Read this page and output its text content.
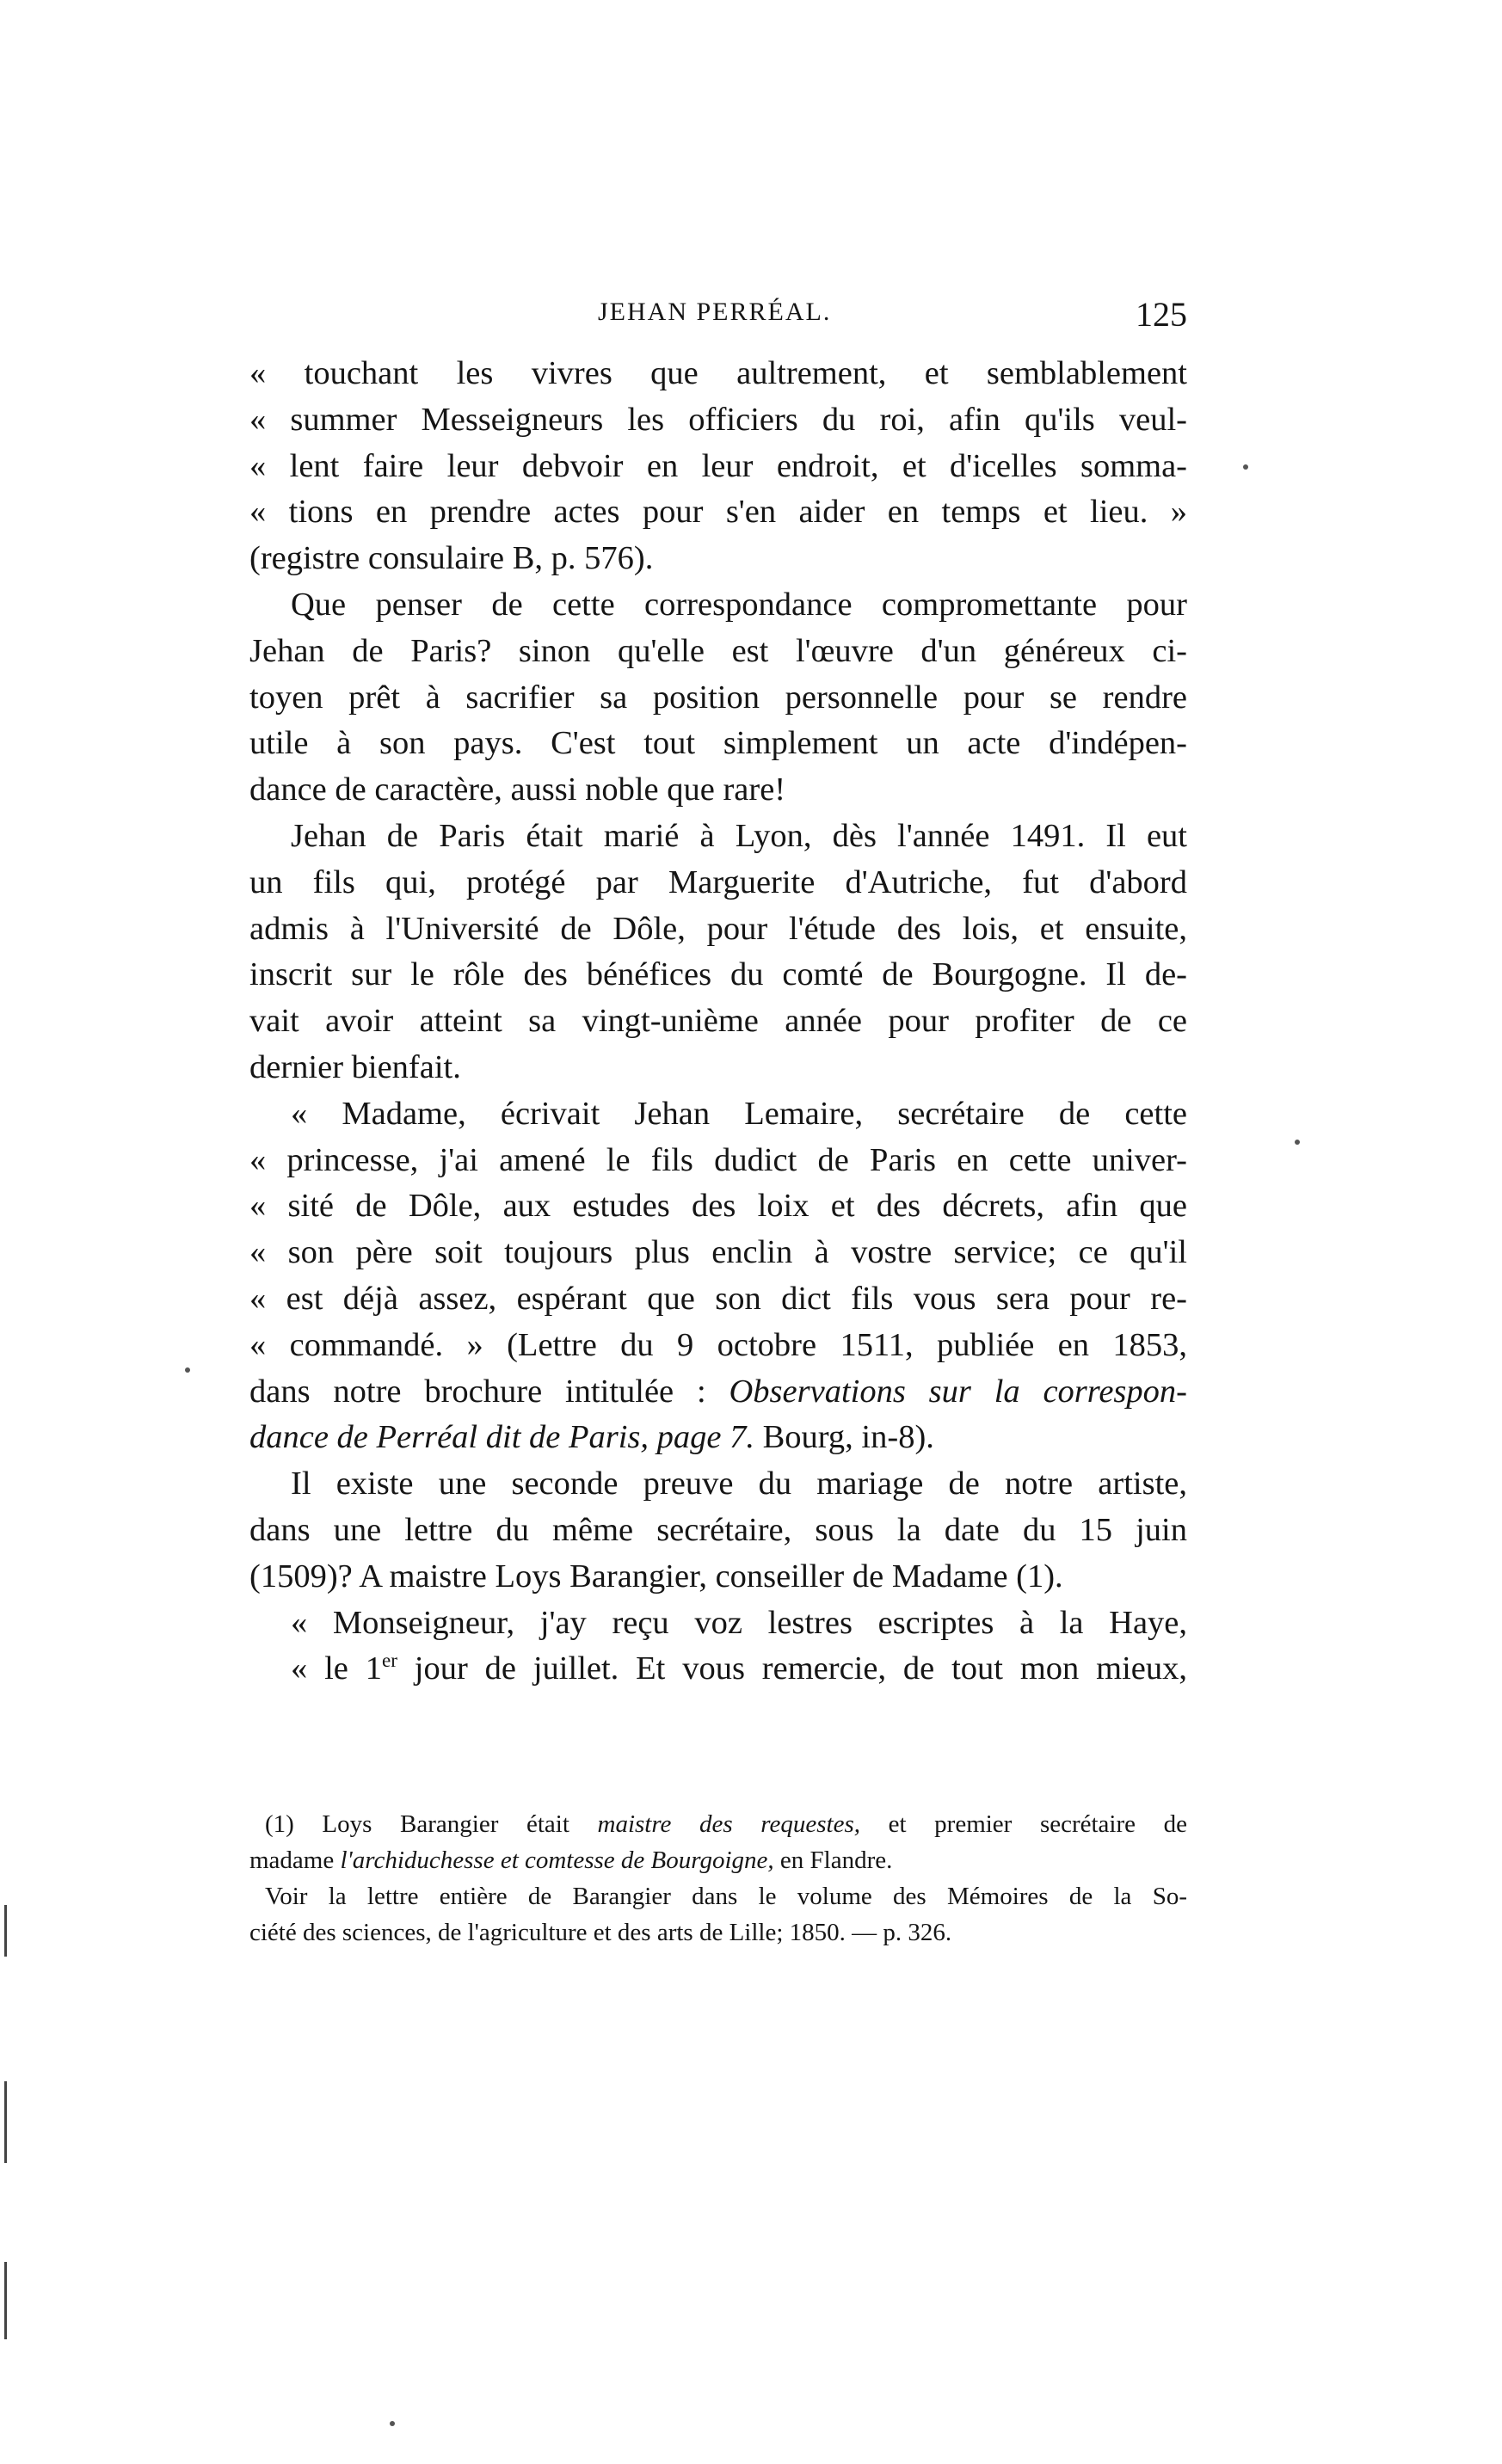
JEHAN PERRÉAL.	125
« touchant les vivres que aultrement, et semblablement
« summer Messeigneurs les officiers du roi, afin qu'ils veul-
« lent faire leur debvoir en leur endroit, et d'icelles somma-
« tions en prendre actes pour s'en aider en temps et lieu. »
(registre consulaire B, p. 576).
Que penser de cette correspondance compromettante pour
Jehan de Paris? sinon qu'elle est l'œuvre d'un généreux ci-
toyen prêt à sacrifier sa position personnelle pour se rendre
utile à son pays. C'est tout simplement un acte d'indépen-
dance de caractère, aussi noble que rare!
Jehan de Paris était marié à Lyon, dès l'année 1491. Il eut
un fils qui, protégé par Marguerite d'Autriche, fut d'abord
admis à l'Université de Dôle, pour l'étude des lois, et ensuite,
inscrit sur le rôle des bénéfices du comté de Bourgogne. Il de-
vait avoir atteint sa vingt-unième année pour profiter de ce
dernier bienfait.
« Madame, écrivait Jehan Lemaire, secrétaire de cette
« princesse, j'ai amené le fils dudict de Paris en cette univer-
« sité de Dôle, aux estudes des loix et des décrets, afin que
« son père soit toujours plus enclin à vostre service; ce qu'il
« est déjà assez, espérant que son dict fils vous sera pour re-
« commandé. » (Lettre du 9 octobre 1511, publiée en 1853,
dans notre brochure intitulée : Observations sur la correspon-
dance de Perréal dit de Paris, page 7. Bourg, in-8).
Il existe une seconde preuve du mariage de notre artiste,
dans une lettre du même secrétaire, sous la date du 15 juin
(1509)? A maistre Loys Barangier, conseiller de Madame (1).
« Monseigneur, j'ay reçu voz lestres escriptes à la Haye,
« le 1er jour de juillet. Et vous remercie, de tout mon mieux,
(1) Loys Barangier était maistre des requestes, et premier secrétaire de
madame l'archiduchesse et comtesse de Bourgoigne, en Flandre.
Voir la lettre entière de Barangier dans le volume des Mémoires de la So-
ciété des sciences, de l'agriculture et des arts de Lille; 1850. — p. 326.
